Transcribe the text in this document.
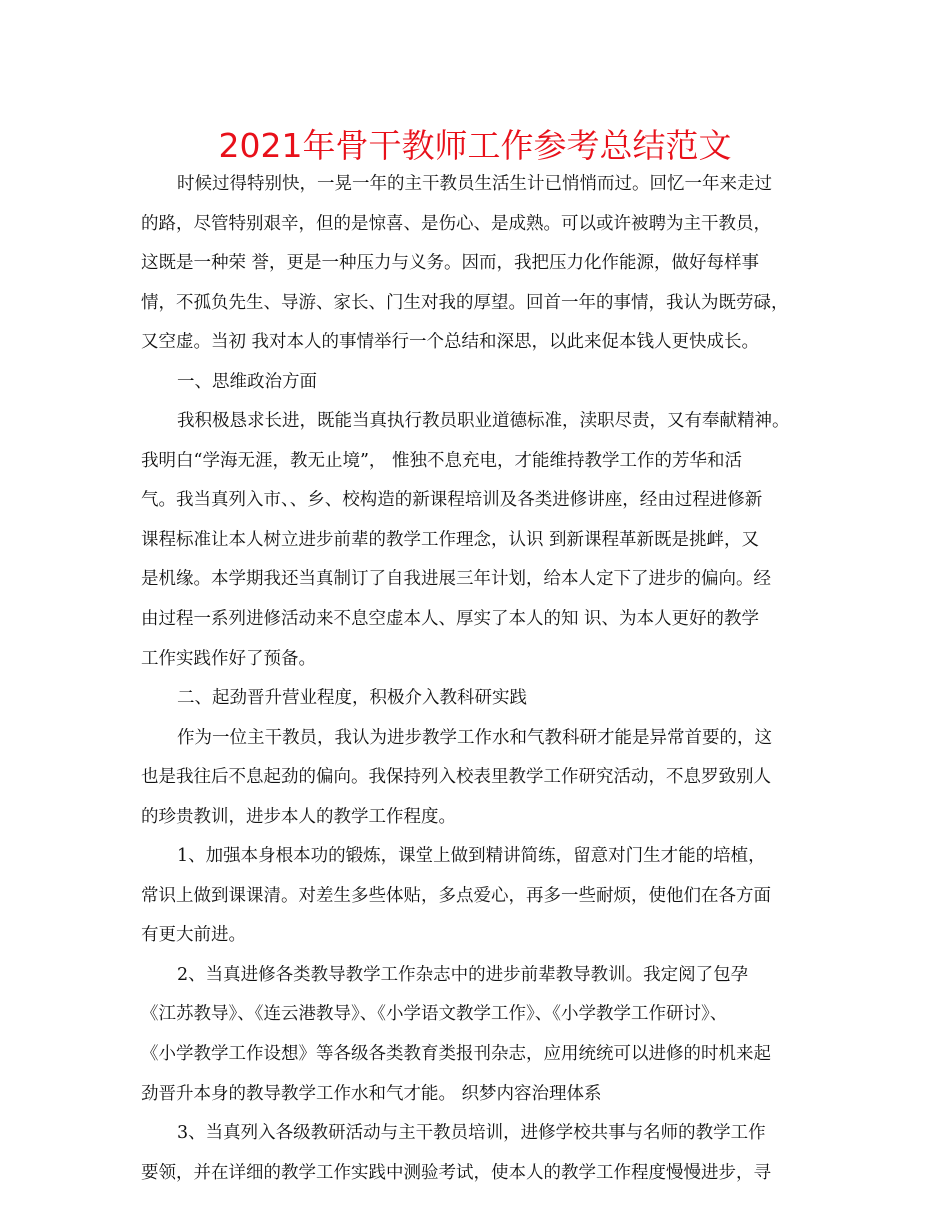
2021年骨干教师工作参考总结范文
时候过得特别快，一晃一年的主干教员生活生计已悄悄而过。回忆一年来走过
的路，尽管特别艰辛，但的是惊喜、是伤心、是成熟。可以或许被聘为主干教员，
这既是一种荣 誉，更是一种压力与义务。因而，我把压力化作能源，做好每样事
情，不孤负先生、导游、家长、门生对我的厚望。回首一年的事情，我认为既劳碌，
又空虚。当初 我对本人的事情举行一个总结和深思，以此来促本钱人更快成长。
一、思维政治方面
我积极恳求长进，既能当真执行教员职业道德标准，渎职尽责，又有奉献精神。
我明白“学海无涯，教无止境”， 惟独不息充电，才能维持教学工作的芳华和活
气。我当真列入市、、乡、校构造的新课程培训及各类进修讲座，经由过程进修新
课程标准让本人树立进步前辈的教学工作理念，认识 到新课程革新既是挑衅，又
是机缘。本学期我还当真制订了自我进展三年计划，给本人定下了进步的偏向。经
由过程一系列进修活动来不息空虚本人、厚实了本人的知 识、为本人更好的教学
工作实践作好了预备。
二、起劲晋升营业程度，积极介入教科研实践
作为一位主干教员，我认为进步教学工作水和气教科研才能是异常首要的，这
也是我往后不息起劲的偏向。我保持列入校表里教学工作研究活动，不息罗致别人
的珍贵教训，进步本人的教学工作程度。
1、加强本身根本功的锻炼，课堂上做到精讲简练，留意对门生才能的培植，
常识上做到课课清。对差生多些体贴，多点爱心，再多一些耐烦，使他们在各方面
有更大前进。
2、当真进修各类教导教学工作杂志中的进步前辈教导教训。我定阅了包孕
《江苏教导》、《连云港教导》、《小学语文教学工作》、《小学教学工作研讨》、
《小学教学工作设想》等各级各类教育类报刊杂志，应用统统可以进修的时机来起
劲晋升本身的教导教学工作水和气才能。 织梦内容治理体系
3、当真列入各级教研活动与主干教员培训，进修学校共事与名师的教学工作
要领，并在详细的教学工作实践中测验考试，使本人的教学工作程度慢慢进步，寻
